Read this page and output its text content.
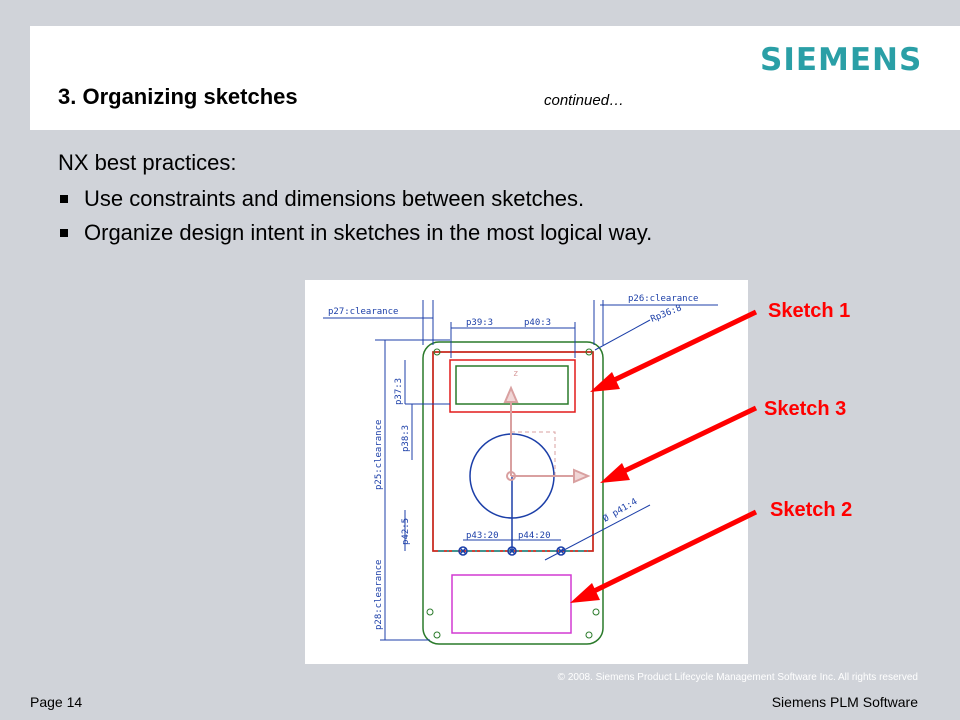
SIEMENS
3. Organizing sketches	continued…
NX best practices:
Use constraints and dimensions between sketches.
Organize design intent in sketches in the most logical way.
p27:clearance
p26:clearance
p39:3	p40:3	Rp36:8
p37:3
p38:3
p25:clearance
p42:5
p28:clearance
p43:20 p44:20
Ø p41:4
z
Sketch 1
Sketch 3
Sketch 2
© 2008. Siemens Product Lifecycle Management Software Inc. All rights reserved
Page 14	Siemens PLM Software
